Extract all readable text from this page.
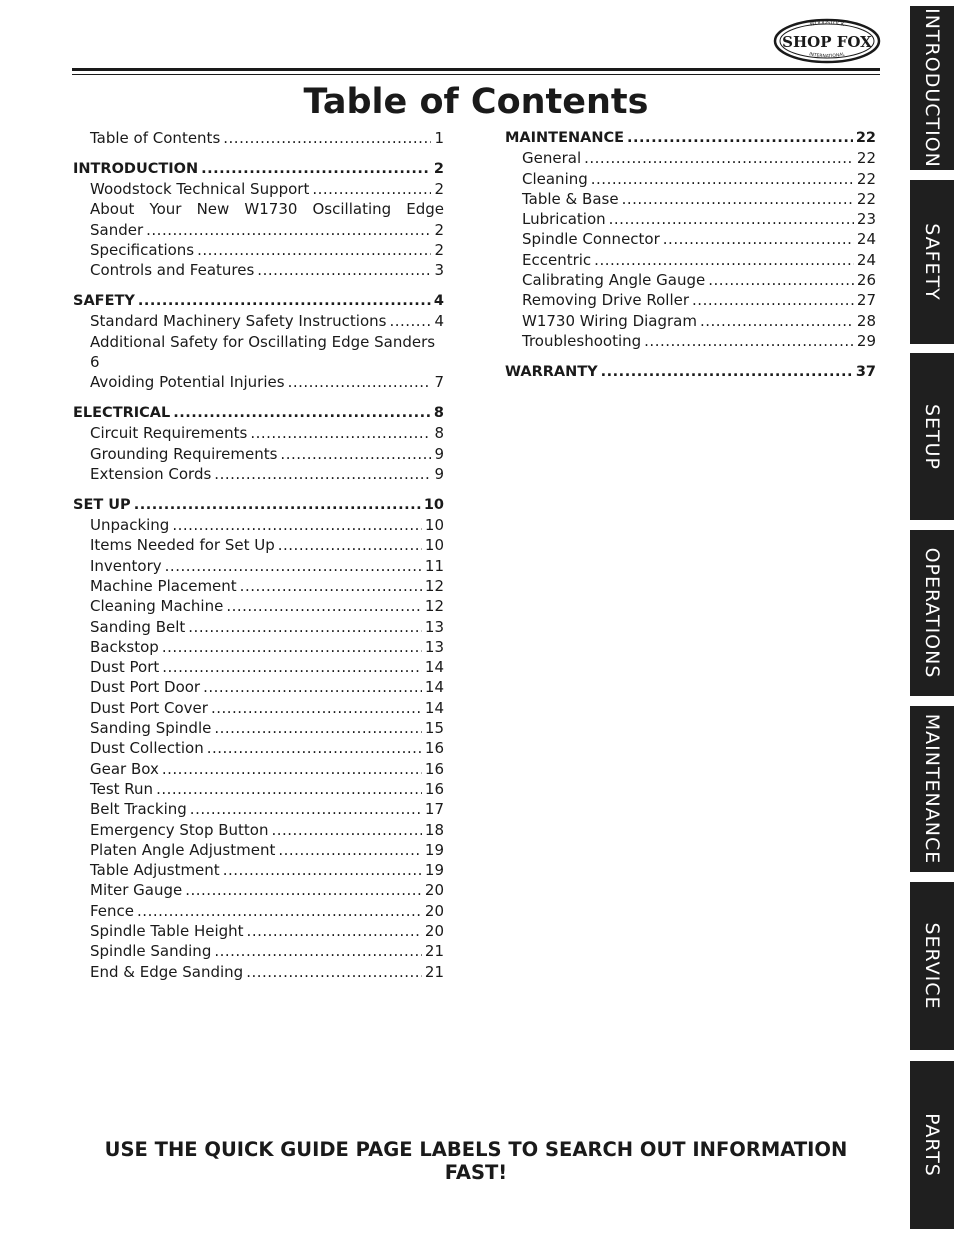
WOODSTOCK
INTERNATIONAL
SHOP FOX
Table of Contents
Table of Contents .....	1
INTRODUCTION .....	2
Woodstock Technical Support .....	2
About Your New W1730 Oscillating Edge
Sander .....	2
Specifications .....	2
Controls and Features .....	3
SAFETY .....	4
Standard Machinery Safety Instructions .....	4
Additional Safety for Oscillating Edge Sanders
6
Avoiding Potential Injuries .....	7
ELECTRICAL .....	8
Circuit Requirements .....	8
Grounding Requirements .....	9
Extension Cords .....	9
SET UP .....	10
Unpacking .....	10
Items Needed for Set Up .....	10
Inventory .....	11
Machine Placement .....	12
Cleaning Machine .....	12
Sanding Belt .....	13
Backstop .....	13
Dust Port .....	14
Dust Port Door .....	14
Dust Port Cover .....	14
Sanding Spindle .....	15
Dust Collection .....	16
Gear Box .....	16
Test Run .....	16
Belt Tracking .....	17
Emergency Stop Button .....	18
Platen Angle Adjustment .....	19
Table Adjustment .....	19
Miter Gauge .....	20
Fence .....	20
Spindle Table Height .....	20
Spindle Sanding .....	21
End & Edge Sanding .....	21
MAINTENANCE .....	22
General .....	22
Cleaning .....	22
Table & Base .....	22
Lubrication .....	23
Spindle Connector .....	24
Eccentric .....	24
Calibrating Angle Gauge .....	26
Removing Drive Roller .....	27
W1730 Wiring Diagram .....	28
Troubleshooting .....	29
WARRANTY .....	37
INTRODUCTION
SAFETY
SETUP
OPERATIONS
MAINTENANCE
SERVICE
PARTS

USE THE QUICK GUIDE PAGE LABELS TO SEARCH OUT INFORMATION FAST!
